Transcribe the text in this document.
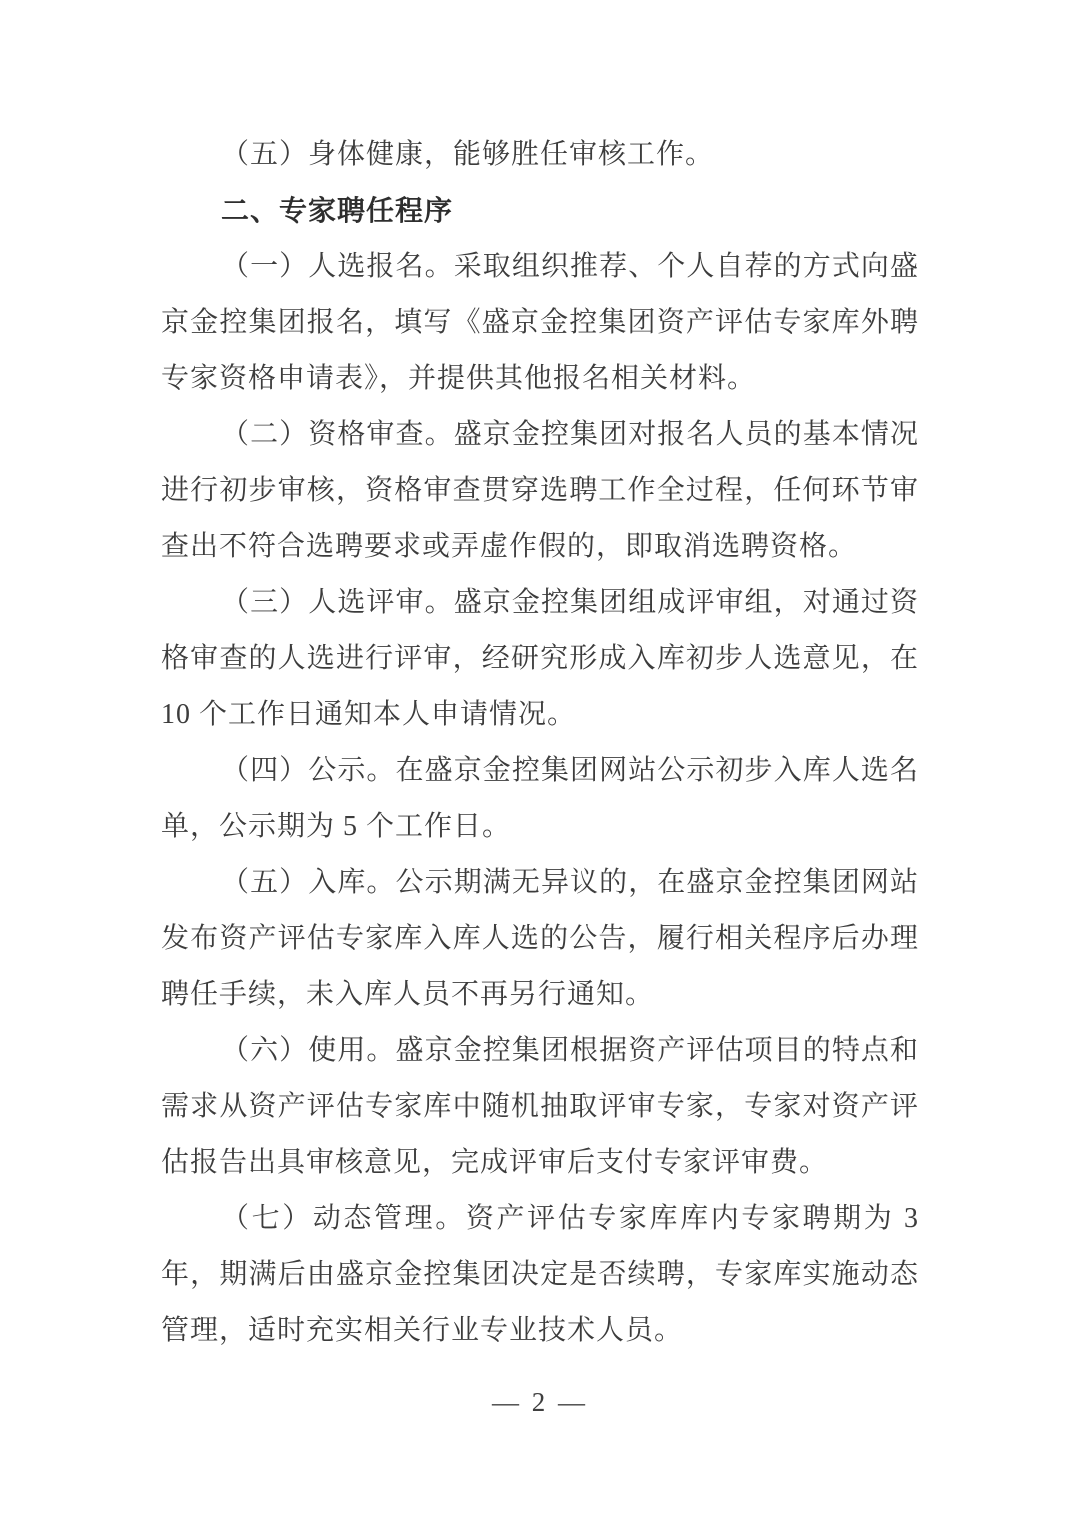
（五）身体健康，能够胜任审核工作。

二、专家聘任程序

（一）人选报名。采取组织推荐、个人自荐的方式向盛京金控集团报名，填写《盛京金控集团资产评估专家库外聘专家资格申请表》，并提供其他报名相关材料。

（二）资格审查。盛京金控集团对报名人员的基本情况进行初步审核，资格审查贯穿选聘工作全过程，任何环节审查出不符合选聘要求或弄虚作假的，即取消选聘资格。

（三）人选评审。盛京金控集团组成评审组，对通过资格审查的人选进行评审，经研究形成入库初步人选意见，在 10 个工作日通知本人申请情况。

（四）公示。在盛京金控集团网站公示初步入库人选名单，公示期为 5 个工作日。

（五）入库。公示期满无异议的，在盛京金控集团网站发布资产评估专家库入库人选的公告，履行相关程序后办理聘任手续，未入库人员不再另行通知。

（六）使用。盛京金控集团根据资产评估项目的特点和需求从资产评估专家库中随机抽取评审专家，专家对资产评估报告出具审核意见，完成评审后支付专家评审费。

（七）动态管理。资产评估专家库库内专家聘期为 3 年，期满后由盛京金控集团决定是否续聘，专家库实施动态管理，适时充实相关行业专业技术人员。

— 2 —
